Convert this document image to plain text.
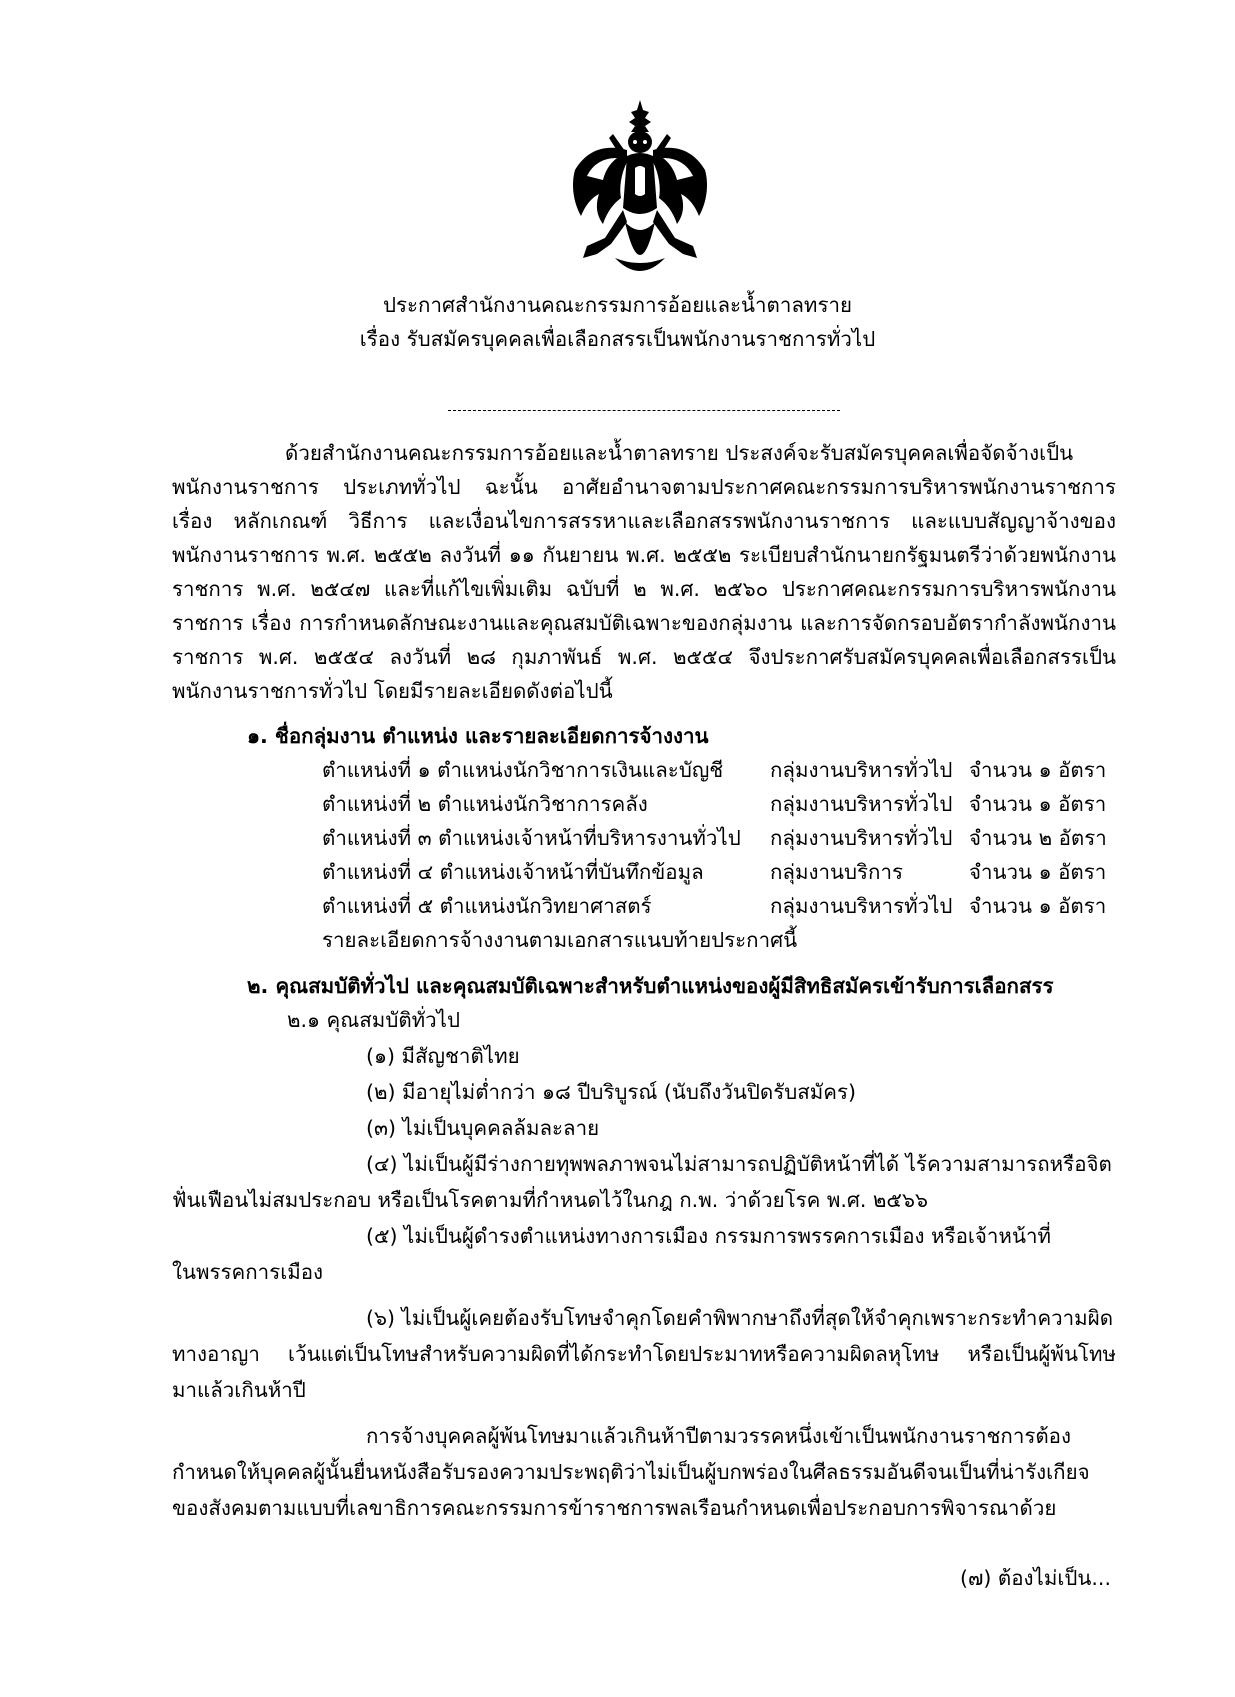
ประกาศสำนักงานคณะกรรมการอ้อยและน้ำตาลทราย
เรื่อง รับสมัครบุคคลเพื่อเลือกสรรเป็นพนักงานราชการทั่วไป
ด้วยสำนักงานคณะกรรมการอ้อยและน้ำตาลทราย ประสงค์จะรับสมัครบุคคลเพื่อจัดจ้างเป็น
พนักงานราชการ ประเภททั่วไป ฉะนั้น อาศัยอำนาจตามประกาศคณะกรรมการบริหารพนักงานราชการ
เรื่อง หลักเกณฑ์ วิธีการ และเงื่อนไขการสรรหาและเลือกสรรพนักงานราชการ และแบบสัญญาจ้างของ
พนักงานราชการ พ.ศ. ๒๕๕๒ ลงวันที่ ๑๑ กันยายน พ.ศ. ๒๕๕๒ ระเบียบสำนักนายกรัฐมนตรีว่าด้วยพนักงาน
ราชการ พ.ศ. ๒๕๔๗ และที่แก้ไขเพิ่มเติม ฉบับที่ ๒ พ.ศ. ๒๕๖๐ ประกาศคณะกรรมการบริหารพนักงาน
ราชการ เรื่อง การกำหนดลักษณะงานและคุณสมบัติเฉพาะของกลุ่มงาน และการจัดกรอบอัตรากำลังพนักงาน
ราชการ พ.ศ. ๒๕๕๔ ลงวันที่ ๒๘ กุมภาพันธ์ พ.ศ. ๒๕๕๔ จึงประกาศรับสมัครบุคคลเพื่อเลือกสรรเป็น
พนักงานราชการทั่วไป โดยมีรายละเอียดดังต่อไปนี้
๑. ชื่อกลุ่มงาน ตำแหน่ง และรายละเอียดการจ้างงาน
ตำแหน่งที่ ๑ ตำแหน่งนักวิชาการเงินและบัญชี กลุ่มงานบริหารทั่วไป จำนวน ๑ อัตรา
ตำแหน่งที่ ๒ ตำแหน่งนักวิชาการคลัง	กลุ่มงานบริหารทั่วไป จำนวน ๑ อัตรา
ตำแหน่งที่ ๓ ตำแหน่งเจ้าหน้าที่บริหารงานทั่วไป กลุ่มงานบริหารทั่วไป จำนวน ๒ อัตรา
ตำแหน่งที่ ๔ ตำแหน่งเจ้าหน้าที่บันทึกข้อมูล	กลุ่มงานบริการ	จำนวน ๑ อัตรา
ตำแหน่งที่ ๕ ตำแหน่งนักวิทยาศาสตร์	กลุ่มงานบริหารทั่วไป จำนวน ๑ อัตรา
รายละเอียดการจ้างงานตามเอกสารแนบท้ายประกาศนี้
๒. คุณสมบัติทั่วไป และคุณสมบัติเฉพาะสำหรับตำแหน่งของผู้มีสิทธิสมัครเข้ารับการเลือกสรร
๒.๑ คุณสมบัติทั่วไป
(๑) มีสัญชาติไทย
(๒) มีอายุไม่ต่ำกว่า ๑๘ ปีบริบูรณ์ (นับถึงวันปิดรับสมัคร)
(๓) ไม่เป็นบุคคลล้มละลาย
(๔) ไม่เป็นผู้มีร่างกายทุพพลภาพจนไม่สามารถปฏิบัติหน้าที่ได้ ไร้ความสามารถหรือจิต
ฟั่นเฟือนไม่สมประกอบ หรือเป็นโรคตามที่กำหนดไว้ในกฎ ก.พ. ว่าด้วยโรค พ.ศ. ๒๕๖๖
(๕) ไม่เป็นผู้ดำรงตำแหน่งทางการเมือง กรรมการพรรคการเมือง หรือเจ้าหน้าที่
ในพรรคการเมือง
(๖) ไม่เป็นผู้เคยต้องรับโทษจำคุกโดยคำพิพากษาถึงที่สุดให้จำคุกเพราะกระทำความผิด
ทางอาญา เว้นแต่เป็นโทษสำหรับความผิดที่ได้กระทำโดยประมาทหรือความผิดลหุโทษ หรือเป็นผู้พ้นโทษ
มาแล้วเกินห้าปี
การจ้างบุคคลผู้พ้นโทษมาแล้วเกินห้าปีตามวรรคหนึ่งเข้าเป็นพนักงานราชการต้อง
กำหนดให้บุคคลผู้นั้นยื่นหนังสือรับรองความประพฤติว่าไม่เป็นผู้บกพร่องในศีลธรรมอันดีจนเป็นที่น่ารังเกียจ
ของสังคมตามแบบที่เลขาธิการคณะกรรมการข้าราชการพลเรือนกำหนดเพื่อประกอบการพิจารณาด้วย
(๗) ต้องไม่เป็น...
